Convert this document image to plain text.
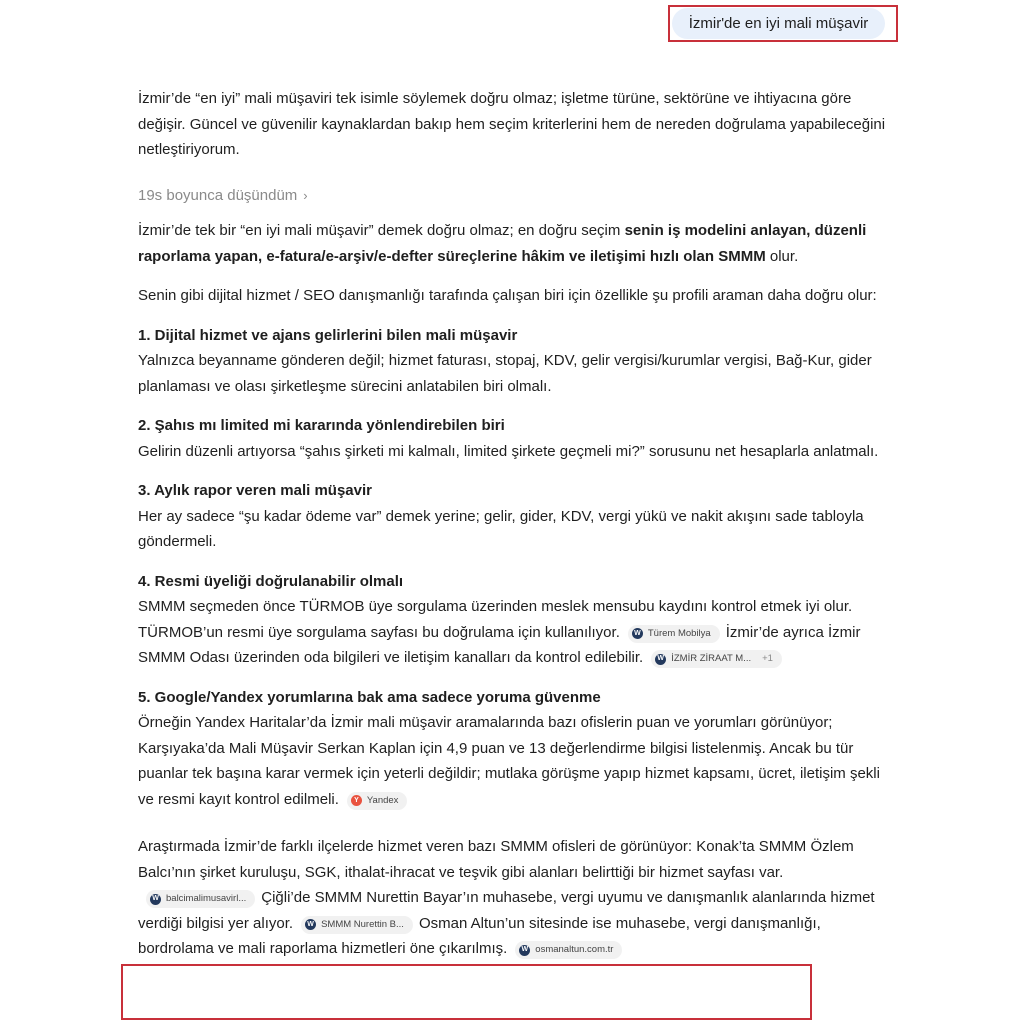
İzmir'de en iyi mali müşavir

İzmir’de “en iyi” mali müşaviri tek isimle söylemek doğru olmaz; işletme türüne, sektörüne ve ihtiyacına göre değişir. Güncel ve güvenilir kaynaklardan bakıp hem seçim kriterlerini hem de nereden doğrulama yapabileceğini netleştiriyorum.

19s boyunca düşündüm ›

İzmir’de tek bir “en iyi mali müşavir” demek doğru olmaz; en doğru seçim senin iş modelini anlayan, düzenli raporlama yapan, e-fatura/e-arşiv/e-defter süreçlerine hâkim ve iletişimi hızlı olan SMMM olur.

Senin gibi dijital hizmet / SEO danışmanlığı tarafında çalışan biri için özellikle şu profili araman daha doğru olur:

1. Dijital hizmet ve ajans gelirlerini bilen mali müşavir

Yalnızca beyanname gönderen değil; hizmet faturası, stopaj, KDV, gelir vergisi/kurumlar vergisi, Bağ-Kur, gider planlaması ve olası şirketleşme sürecini anlatabilen biri olmalı.

2. Şahıs mı limited mi kararında yönlendirebilen biri

Gelirin düzenli artıyorsa “şahıs şirketi mi kalmalı, limited şirkete geçmeli mi?” sorusunu net hesaplarla anlatmalı.

3. Aylık rapor veren mali müşavir

Her ay sadece “şu kadar ödeme var” demek yerine; gelir, gider, KDV, vergi yükü ve nakit akışını sade tabloyla göndermeli.

4. Resmi üyeliği doğrulanabilir olmalı

SMMM seçmeden önce TÜRMOB üye sorgulama üzerinden meslek mensubu kaydını kontrol etmek iyi olur. TÜRMOB’un resmi üye sorgulama sayfası bu doğrulama için kullanılıyor.	W Türem Mobilya İzmir’de ayrıca İzmir SMMM Odası üzerinden oda bilgileri ve iletişim kanalları da kontrol edilebilir.	W İZMİR ZİRAAT M... +1

5. Google/Yandex yorumlarına bak ama sadece yoruma güvenme

Örneğin Yandex Haritalar’da İzmir mali müşavir aramalarında bazı ofislerin puan ve yorumları görünüyor; Karşıyaka’da Mali Müşavir Serkan Kaplan için 4,9 puan ve 13 değerlendirme bilgisi listelenmiş. Ancak bu tür puanlar tek başına karar vermek için yeterli değildir; mutlaka görüşme yapıp hizmet kapsamı, ücret, iletişim şekli ve resmi kayıt kontrol edilmeli.	Y Yandex

Araştırmada İzmir’de farklı ilçelerde hizmet veren bazı SMMM ofisleri de görünüyor: Konak’ta SMMM Özlem Balcı’nın şirket kuruluşu, SGK, ithalat-ihracat ve teşvik gibi alanları belirttiği bir hizmet sayfası var.
W balcimalimusavirl... Çiğli’de SMMM Nurettin Bayar’ın muhasebe, vergi uyumu ve danışmanlık alanlarında hizmet verdiği bilgisi yer alıyor.	W SMMM Nurettin B... Osman Altun’un sitesinde ise muhasebe, vergi danışmanlığı, bordrolama ve mali raporlama hizmetleri öne çıkarılmış.	W osmanaltun.com.tr
